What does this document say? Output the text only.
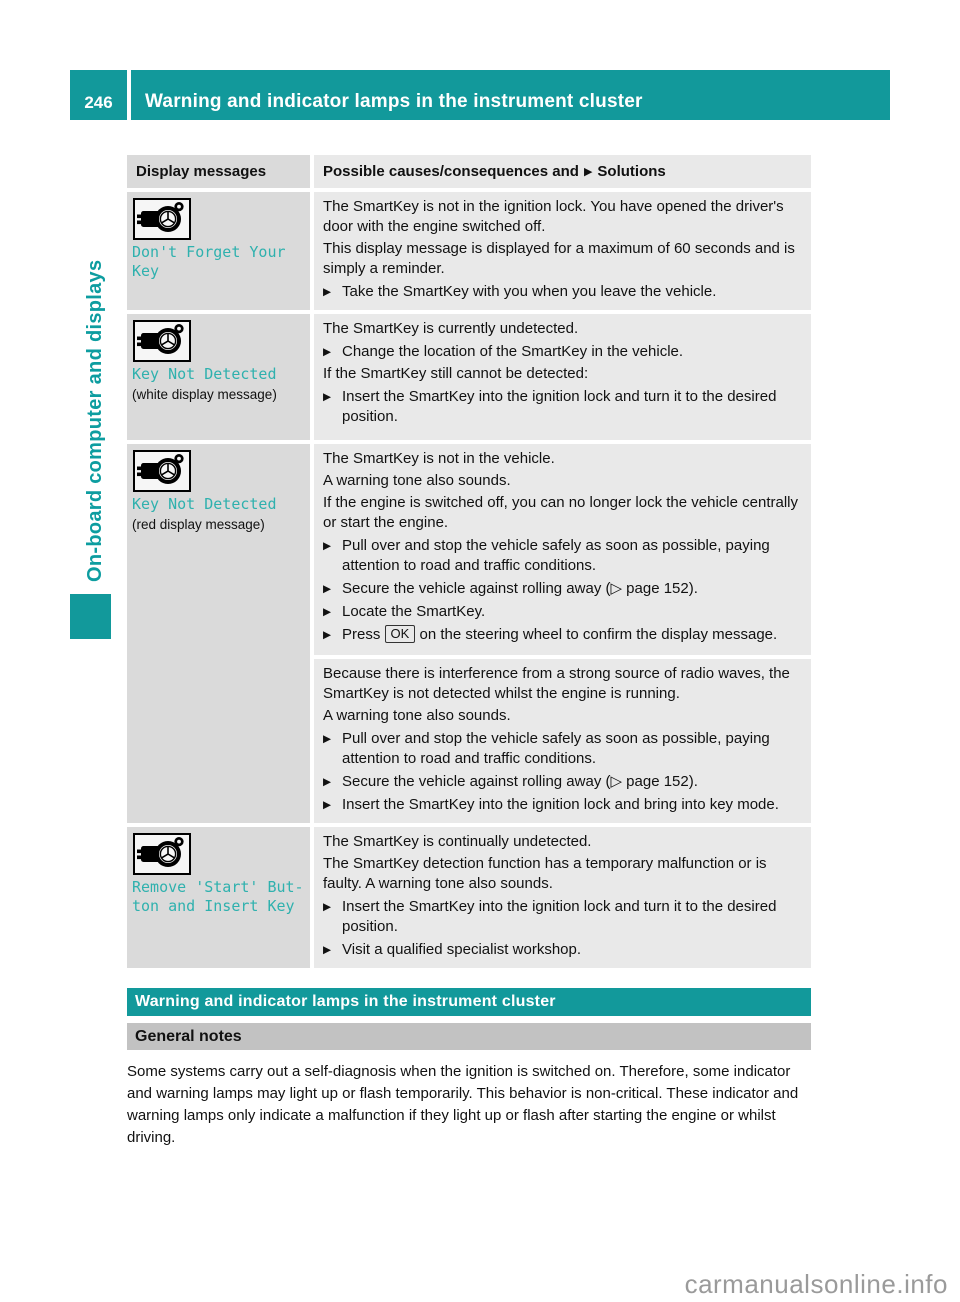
246 Warning and indicator lamps in the instrument cluster
On-board computer and displays
Display messages	Possible causes/consequences and ▶ Solutions
Don't Forget Your
Key
The SmartKey is not in the ignition lock. You have opened the driver's door with the engine switched off.
This display message is displayed for a maximum of 60 seconds and is simply a reminder.
▶ Take the SmartKey with you when you leave the vehicle.
Key Not Detected
(white display message)
The SmartKey is currently undetected.
▶ Change the location of the SmartKey in the vehicle.
If the SmartKey still cannot be detected:
▶ Insert the SmartKey into the ignition lock and turn it to the desired position.
Key Not Detected
(red display message)
The SmartKey is not in the vehicle.
A warning tone also sounds.
If the engine is switched off, you can no longer lock the vehicle centrally or start the engine.
▶ Pull over and stop the vehicle safely as soon as possible, paying attention to road and traffic conditions.
▶ Secure the vehicle against rolling away (▷ page 152).
▶ Locate the SmartKey.
▶ Press OK on the steering wheel to confirm the display message.
Because there is interference from a strong source of radio waves, the SmartKey is not detected whilst the engine is running.
A warning tone also sounds.
▶ Pull over and stop the vehicle safely as soon as possible, paying attention to road and traffic conditions.
▶ Secure the vehicle against rolling away (▷ page 152).
▶ Insert the SmartKey into the ignition lock and bring into key mode.
Remove 'Start' But-
ton and Insert Key
The SmartKey is continually undetected.
The SmartKey detection function has a temporary malfunction or is faulty. A warning tone also sounds.
▶ Insert the SmartKey into the ignition lock and turn it to the desired position.
▶ Visit a qualified specialist workshop.
Warning and indicator lamps in the instrument cluster
General notes

Some systems carry out a self-diagnosis when the ignition is switched on. Therefore, some indicator and warning lamps may light up or flash temporarily. This behavior is non-critical. These indicator and warning lamps only indicate a malfunction if they light up or flash after starting the engine or whilst driving.

carmanualsonline.info
